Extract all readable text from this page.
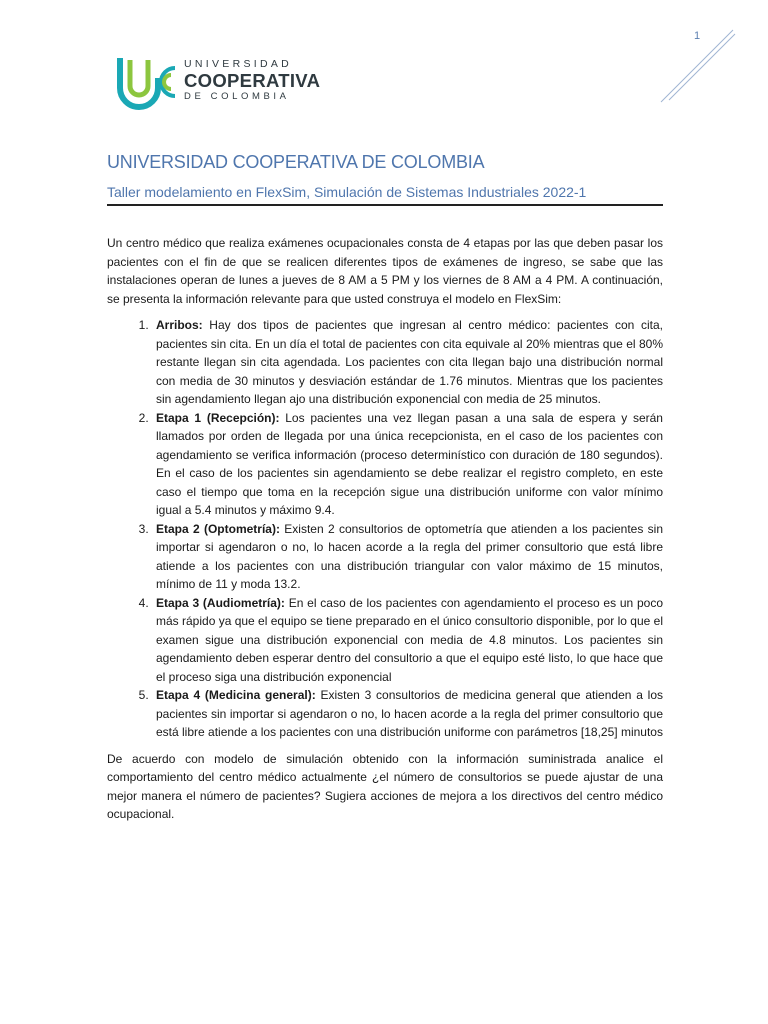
1
UNIVERSIDAD
COOPERATIVA
DE COLOMBIA
UNIVERSIDAD COOPERATIVA DE COLOMBIA
Taller modelamiento en FlexSim, Simulación de Sistemas Industriales 2022-1

Un centro médico que realiza exámenes ocupacionales consta de 4 etapas por las que deben pasar los pacientes con el fin de que se realicen diferentes tipos de exámenes de ingreso, se sabe que las instalaciones operan de lunes a jueves de 8 AM a 5 PM y los viernes de 8 AM a 4 PM. A continuación, se presenta la información relevante para que usted construya el modelo en FlexSim:

1. Arribos: Hay dos tipos de pacientes que ingresan al centro médico: pacientes con cita, pacientes sin cita. En un día el total de pacientes con cita equivale al 20% mientras que el 80% restante llegan sin cita agendada. Los pacientes con cita llegan bajo una distribución normal con media de 30 minutos y desviación estándar de 1.76 minutos. Mientras que los pacientes sin agendamiento llegan ajo una distribución exponencial con media de 25 minutos.
2. Etapa 1 (Recepción): Los pacientes una vez llegan pasan a una sala de espera y serán llamados por orden de llegada por una única recepcionista, en el caso de los pacientes con agendamiento se verifica información (proceso determinístico con duración de 180 segundos). En el caso de los pacientes sin agendamiento se debe realizar el registro completo, en este caso el tiempo que toma en la recepción sigue una distribución uniforme con valor mínimo igual a 5.4 minutos y máximo 9.4.
3. Etapa 2 (Optometría): Existen 2 consultorios de optometría que atienden a los pacientes sin importar si agendaron o no, lo hacen acorde a la regla del primer consultorio que está libre atiende a los pacientes con una distribución triangular con valor máximo de 15 minutos, mínimo de 11 y moda 13.2.
4. Etapa 3 (Audiometría): En el caso de los pacientes con agendamiento el proceso es un poco más rápido ya que el equipo se tiene preparado en el único consultorio disponible, por lo que el examen sigue una distribución exponencial con media de 4.8 minutos. Los pacientes sin agendamiento deben esperar dentro del consultorio a que el equipo esté listo, lo que hace que el proceso siga una distribución exponencial
5. Etapa 4 (Medicina general): Existen 3 consultorios de medicina general que atienden a los pacientes sin importar si agendaron o no, lo hacen acorde a la regla del primer consultorio que está libre atiende a los pacientes con una distribución uniforme con parámetros [18,25] minutos

De acuerdo con modelo de simulación obtenido con la información suministrada analice el comportamiento del centro médico actualmente ¿el número de consultorios se puede ajustar de una mejor manera el número de pacientes? Sugiera acciones de mejora a los directivos del centro médico ocupacional.
